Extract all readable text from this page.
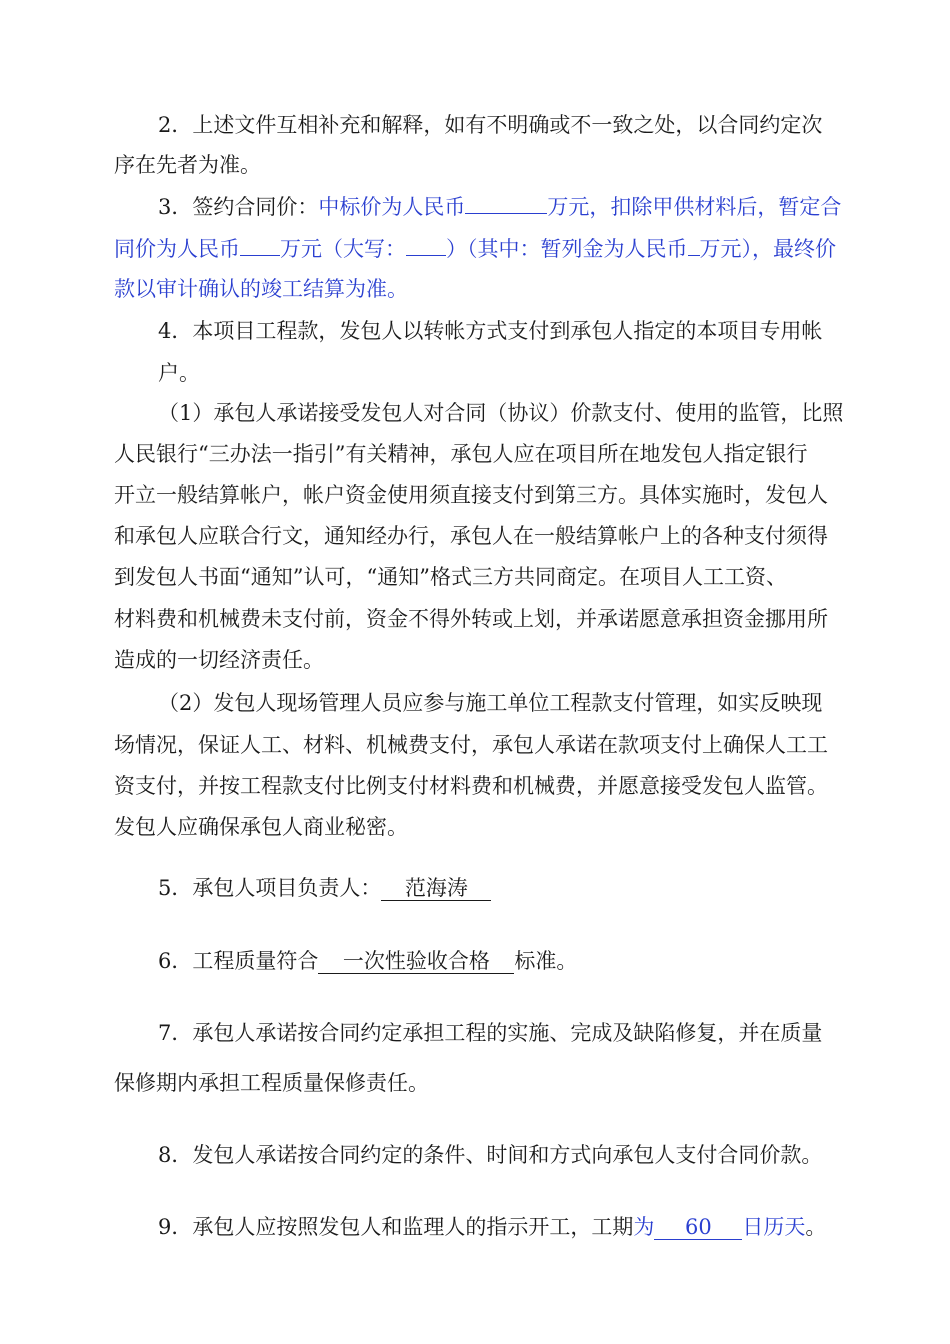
2．上述文件互相补充和解释，如有不明确或不一致之处，以合同约定次
序在先者为准。
3．签约合同价：中标价为人民币	万元，扣除甲供材料后，暂定合
同价为人民币 万元（大写： ）（其中：暂列金为人民币 万元），最终价
款以审计确认的竣工结算为准。
4．本项目工程款，发包人以转帐方式支付到承包人指定的本项目专用帐
户。
（1）承包人承诺接受发包人对合同（协议）价款支付、使用的监管，比照
人民银行“三办法一指引”有关精神，承包人应在项目所在地发包人指定银行
开立一般结算帐户，帐户资金使用须直接支付到第三方。具体实施时，发包人
和承包人应联合行文，通知经办行，承包人在一般结算帐户上的各种支付须得
到发包人书面“通知”认可，“通知”格式三方共同商定。在项目人工工资、
材料费和机械费未支付前，资金不得外转或上划，并承诺愿意承担资金挪用所
造成的一切经济责任。
（2）发包人现场管理人员应参与施工单位工程款支付管理，如实反映现
场情况，保证人工、材料、机械费支付，承包人承诺在款项支付上确保人工工
资支付，并按工程款支付比例支付材料费和机械费，并愿意接受发包人监管。
发包人应确保承包人商业秘密。
5．承包人项目负责人： 范海涛
6．工程质量符合 一次性验收合格 标准。
7．承包人承诺按合同约定承担工程的实施、完成及缺陷修复，并在质量
保修期内承担工程质量保修责任。
8．发包人承诺按合同约定的条件、时间和方式向承包人支付合同价款。
9．承包人应按照发包人和监理人的指示开工，工期为 60 日历天。
